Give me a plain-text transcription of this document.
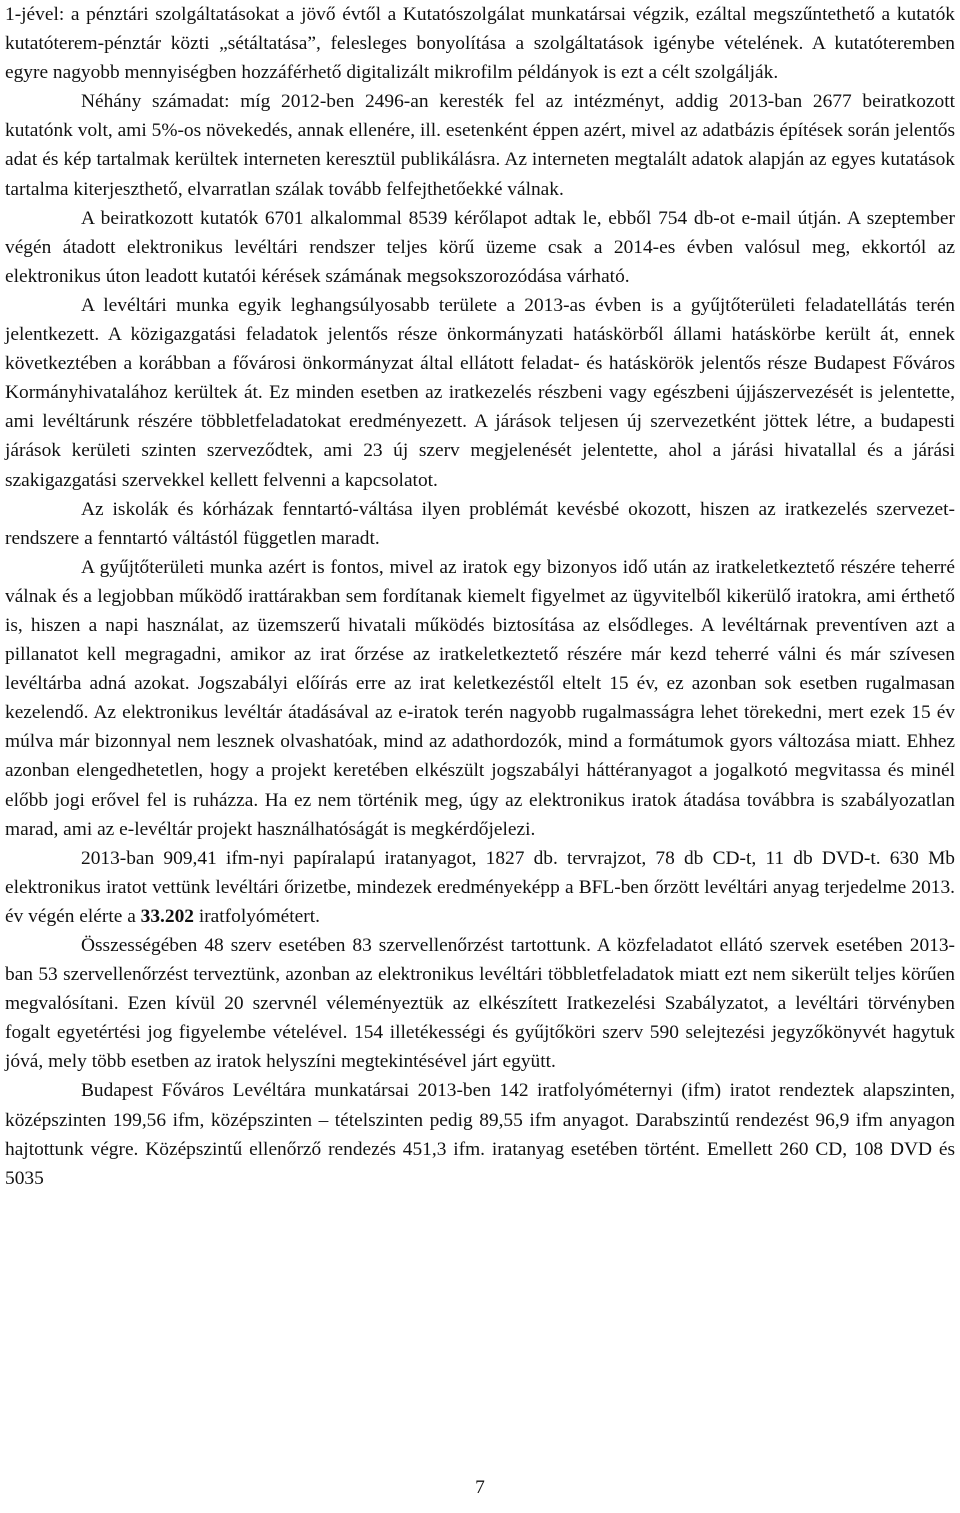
1-jével: a pénztári szolgáltatásokat a jövő évtől a Kutatószolgálat munkatársai végzik, ezáltal megszűntethető a kutatók kutatóterem-pénztár közti „sétáltatása”, felesleges bonyolítása a szolgáltatások igénybe vételének. A kutatóteremben egyre nagyobb mennyiségben hozzáférhető digitalizált mikrofilm példányok is ezt a célt szolgálják.

Néhány számadat: míg 2012-ben 2496-an keresték fel az intézményt, addig 2013-ban 2677 beiratkozott kutatónk volt, ami 5%-os növekedés, annak ellenére, ill. esetenként éppen azért, mivel az adatbázis építések során jelentős adat és kép tartalmak kerültek interneten keresztül publikálásra. Az interneten megtalált adatok alapján az egyes kutatások tartalma kiterjeszthető, elvarratlan szálak tovább felfejthetőekké válnak.

A beiratkozott kutatók 6701 alkalommal 8539 kérőlapot adtak le, ebből 754 db-ot e-mail útján. A szeptember végén átadott elektronikus levéltári rendszer teljes körű üzeme csak a 2014-es évben valósul meg, ekkortól az elektronikus úton leadott kutatói kérések számának megsokszorozódása várható.

A levéltári munka egyik leghangsúlyosabb területe a 2013-as évben is a gyűjtőterületi feladatellátás terén jelentkezett. A közigazgatási feladatok jelentős része önkormányzati hatáskörből állami hatáskörbe került át, ennek következtében a korábban a fővárosi önkormányzat által ellátott feladat- és hatáskörök jelentős része Budapest Főváros Kormányhivatalához kerültek át. Ez minden esetben az iratkezelés részbeni vagy egészbeni újjászervezését is jelentette, ami levéltárunk részére többletfeladatokat eredményezett. A járások teljesen új szervezetként jöttek létre, a budapesti járások kerületi szinten szerveződtek, ami 23 új szerv megjelenését jelentette, ahol a járási hivatallal és a járási szakigazgatási szervekkel kellett felvenni a kapcsolatot.

Az iskolák és kórházak fenntartó-váltása ilyen problémát kevésbé okozott, hiszen az iratkezelés szervezet-rendszere a fenntartó váltástól független maradt.

A gyűjtőterületi munka azért is fontos, mivel az iratok egy bizonyos idő után az iratkeletkeztető részére teherré válnak és a legjobban működő irattárakban sem fordítanak kiemelt figyelmet az ügyvitelből kikerülő iratokra, ami érthető is, hiszen a napi használat, az üzemszerű hivatali működés biztosítása az elsődleges. A levéltárnak preventíven azt a pillanatot kell megragadni, amikor az irat őrzése az iratkeletkeztető részére már kezd teherré válni és már szívesen levéltárba adná azokat. Jogszabályi előírás erre az irat keletkezéstől eltelt 15 év, ez azonban sok esetben rugalmasan kezelendő. Az elektronikus levéltár átadásával az e-iratok terén nagyobb rugalmasságra lehet törekedni, mert ezek 15 év múlva már bizonnyal nem lesznek olvashatóak, mind az adathordozók, mind a formátumok gyors változása miatt. Ehhez azonban elengedhetetlen, hogy a projekt keretében elkészült jogszabályi háttéranyagot a jogalkotó megvitassa és minél előbb jogi erővel fel is ruházza. Ha ez nem történik meg, úgy az elektronikus iratok átadása továbbra is szabályozatlan marad, ami az e-levéltár projekt használhatóságát is megkérdőjelezi.

2013-ban 909,41 ifm-nyi papíralapú iratanyagot, 1827 db. tervrajzot, 78 db CD-t, 11 db DVD-t. 630 Mb elektronikus iratot vettünk levéltári őrizetbe, mindezek eredményeképp a BFL-ben őrzött levéltári anyag terjedelme 2013. év végén elérte a 33.202 iratfolyómétert.

Összességében 48 szerv esetében 83 szervellenőrzést tartottunk. A közfeladatot ellátó szervek esetében 2013-ban 53 szervellenőrzést terveztünk, azonban az elektronikus levéltári többletfeladatok miatt ezt nem sikerült teljes körűen megvalósítani. Ezen kívül 20 szervnél véleményeztük az elkészített Iratkezelési Szabályzatot, a levéltári törvényben fogalt egyetértési jog figyelembe vételével. 154 illetékességi és gyűjtőköri szerv 590 selejtezési jegyzőkönyvét hagytuk jóvá, mely több esetben az iratok helyszíni megtekintésével járt együtt.

Budapest Főváros Levéltára munkatársai 2013-ben 142 iratfolyóméternyi (ifm) iratot rendeztek alapszinten, középszinten 199,56 ifm, középszinten – tételszinten pedig 89,55 ifm anyagot. Darabszintű rendezést 96,9 ifm anyagon hajtottunk végre. Középszintű ellenőrző rendezés 451,3 ifm. iratanyag esetében történt. Emellett 260 CD, 108 DVD és 5035

7
